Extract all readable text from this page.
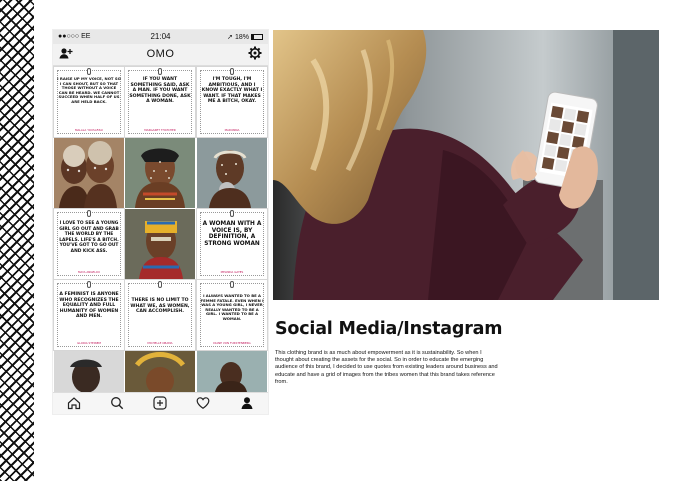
●●○○○ EE	21:04	➚ 18%
OMO
I RAISE UP MY VOICE, NOT SO I CAN SHOUT, BUT SO THAT THOSE WITHOUT A VOICE CAN BE HEARD. WE CANNOT SUCCEED WHEN HALF OF US ARE HELD BACK.
MALALA YOUSAFZAI
IF YOU WANT SOMETHING SAID, ASK A MAN. IF YOU WANT SOMETHING DONE, ASK A WOMAN.
MARGARET THATCHER
I'M TOUGH, I'M AMBITIOUS, AND I KNOW EXACTLY WHAT I WANT. IF THAT MAKES ME A BITCH, OKAY.
MADONNA
I LOVE TO SEE A YOUNG GIRL GO OUT AND GRAB THE WORLD BY THE LAPELS. LIFE'S A BITCH. YOU'VE GOT TO GO OUT AND KICK ASS.
MAYA ANGELOU
A WOMAN WITH A VOICE IS, BY DEFINITION, A STRONG WOMAN
MELINDA GATES
A FEMINIST IS ANYONE WHO RECOGNIZES THE EQUALITY AND FULL HUMANITY OF WOMEN AND MEN.
GLORIA STEINEM
THERE IS NO LIMIT TO WHAT WE, AS WOMEN, CAN ACCOMPLISH.
MICHELLE OBAMA
I ALWAYS WANTED TO BE A FEMME FATALE. EVEN WHEN I WAS A YOUNG GIRL, I NEVER REALLY WANTED TO BE A GIRL. I WANTED TO BE A WOMAN.
DIANE VON FURSTENBERG
Social Media/Instagram
This clothing brand is as much about empowerment as it is sustainability. So when I thought about creating the assets for the social. So in order to educate the emerging audience of this brand, I decided to use quotes from existing leaders around business and educate and have a grid of images from the tribes women that this brand takes reference from.
